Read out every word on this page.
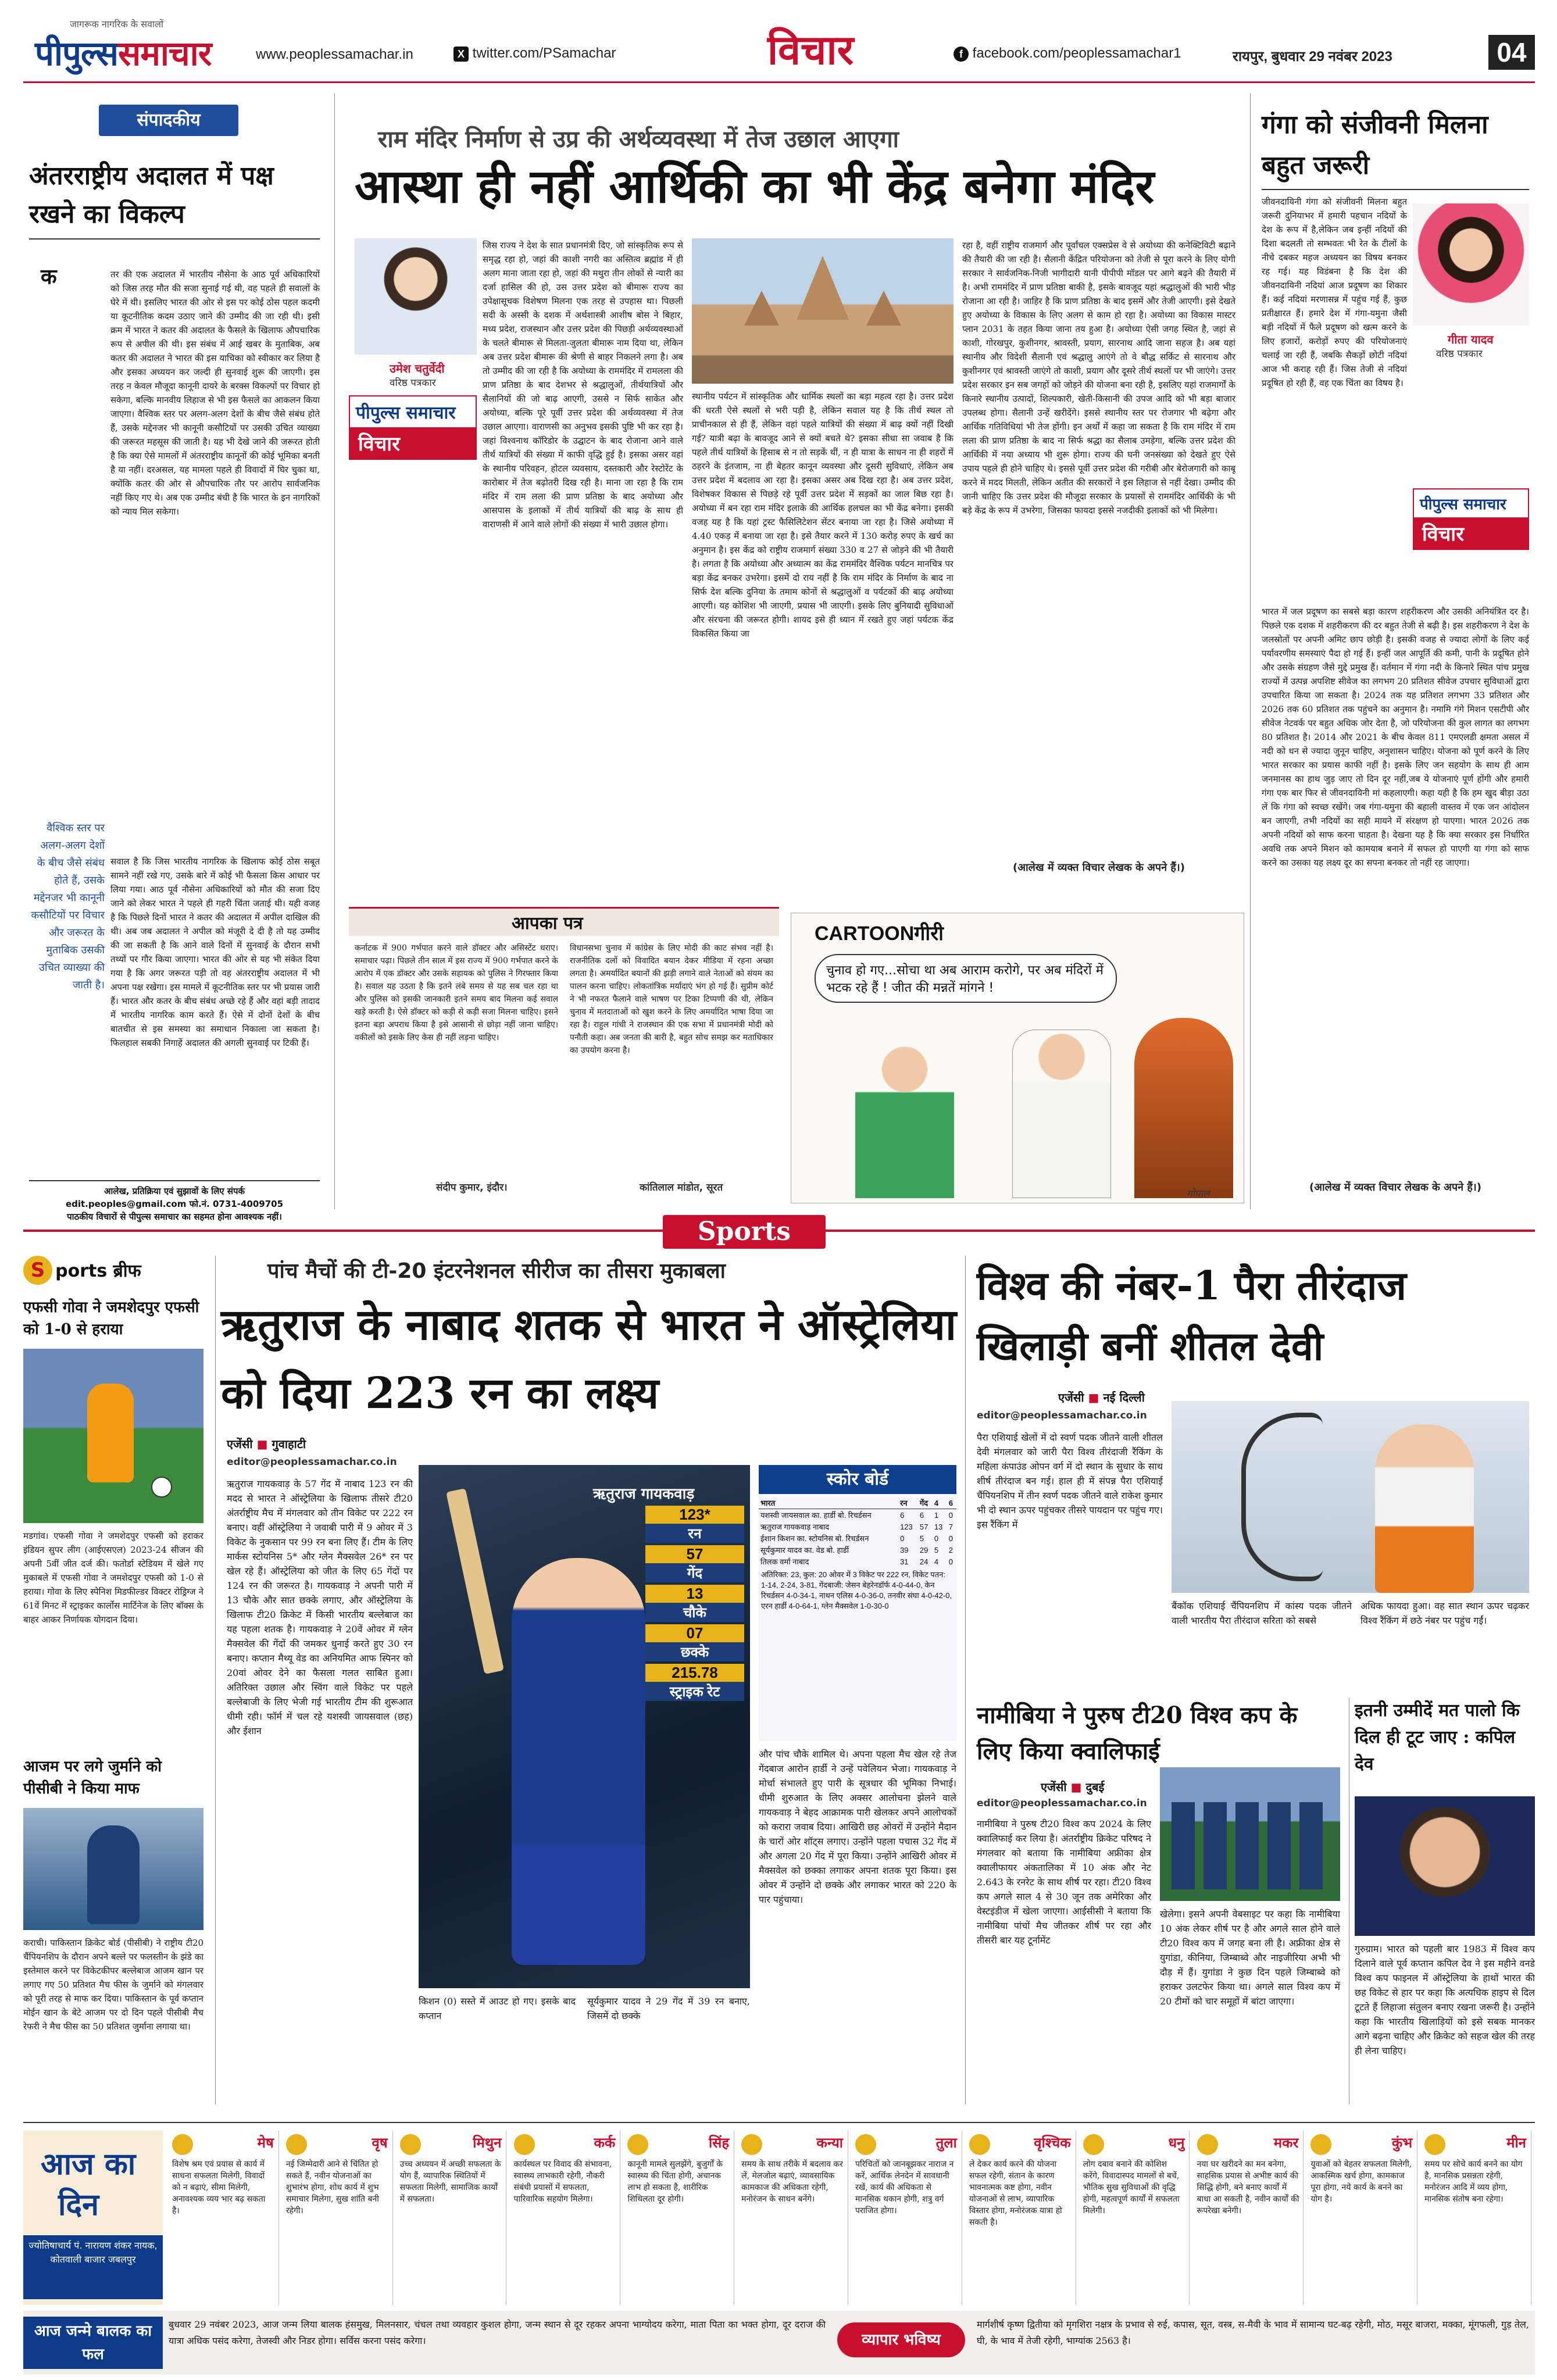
पीपुल्ससमाचार
जागरूक नागरिक के सवालों
www.peoplessamachar.in	X twitter.com/PSamachar	विचार	f facebook.com/peoplessamachar1	रायपुर, बुधवार 29 नवंबर 2023	04
संपादकीय
अंतरराष्ट्रीय अदालत में पक्ष रखने का विकल्प
क	तर की एक अदालत में भारतीय नौसेना के आठ पूर्व अधिकारियों को जिस तरह मौत की सजा सुनाई गई थी, वह पहले ही सवालों के घेरे में थी। इसलिए भारत की ओर से इस पर कोई ठोस पहल कदमी या कूटनीतिक कदम उठाए जाने की उम्मीद की जा रही थी। इसी क्रम में भारत ने कतर की अदालत के फैसले के खिलाफ औपचारिक रूप से अपील की थी। इस संबंध में आई खबर के मुताबिक, अब कतर की अदालत ने भारत की इस याचिका को स्वीकार कर लिया है और इसका अध्ययन कर जल्दी ही सुनवाई शुरू की जाएगी। इस तरह न केवल मौजूदा कानूनी दायरे के बरक्स विकल्पों पर विचार हो सकेगा, बल्कि मानवीय लिहाज से भी इस फैसले का आकलन किया जाएगा। वैश्विक स्तर पर अलग-अलग देशों के बीच जैसे संबंध होते हैं, उसके मद्देनजर भी कानूनी कसौटियों पर उसकी उचित व्याख्या की जरूरत महसूस की जाती है। यह भी देखे जाने की जरूरत होती है कि क्या ऐसे मामलों में अंतरराष्ट्रीय कानूनों की कोई भूमिका बनती है या नहीं। दरअसल, यह मामला पहले ही विवादों में घिर चुका था, क्योंकि कतर की ओर से औपचारिक तौर पर आरोप सार्वजनिक नहीं किए गए थे। अब एक उम्मीद बंधी है कि भारत के इन नागरिकों को न्याय मिल सकेगा।
वैश्विक स्तर पर अलग-अलग देशों के बीच जैसे संबंध होते हैं, उसके मद्देनजर भी कानूनी कसौटियों पर विचार और जरूरत के मुताबिक उसकी उचित व्याख्या की जाती है।
सवाल है कि जिस भारतीय नागरिक के खिलाफ कोई ठोस सबूत सामने नहीं रखे गए, उसके बारे में कोई भी फैसला किस आधार पर लिया गया। आठ पूर्व नौसेना अधिकारियों को मौत की सजा दिए जाने को लेकर भारत ने पहले ही गहरी चिंता जताई थी। यही वजह है कि पिछले दिनों भारत ने कतर की अदालत में अपील दाखिल की थी। अब जब अदालत ने अपील को मंजूरी दे दी है तो यह उम्मीद की जा सकती है कि आने वाले दिनों में सुनवाई के दौरान सभी तथ्यों पर गौर किया जाएगा। भारत की ओर से यह भी संकेत दिया गया है कि अगर जरूरत पड़ी तो वह अंतरराष्ट्रीय अदालत में भी अपना पक्ष रखेगा। इस मामले में कूटनीतिक स्तर पर भी प्रयास जारी हैं। भारत और कतर के बीच संबंध अच्छे रहे हैं और वहां बड़ी तादाद में भारतीय नागरिक काम करते हैं। ऐसे में दोनों देशों के बीच बातचीत से इस समस्या का समाधान निकाला जा सकता है। फिलहाल सबकी निगाहें अदालत की अगली सुनवाई पर टिकी हैं।
आलेख, प्रतिक्रिया एवं सुझावों के लिए संपर्क
edit.peoples@gmail.com फो.नं. 0731-4009705
पाठकीय विचारों से पीपुल्स समाचार का सहमत होना आवश्यक नहीं।
राम मंदिर निर्माण से उप्र की अर्थव्यवस्था में तेज उछाल आएगा
आस्था ही नहीं आर्थिकी का भी केंद्र बनेगा मंदिर
उमेश चतुर्वेदी
वरिष्ठ पत्रकार
पीपुल्स समाचार
विचार
जिस राज्य ने देश के सात प्रधानमंत्री दिए, जो सांस्कृतिक रूप से समृद्ध रहा हो, जहां की काशी नगरी का अस्तित्व ब्रह्मांड में ही अलग माना जाता रहा हो, जहां की मथुरा तीन लोकों से न्यारी का दर्जा हासिल की हो, उस उत्तर प्रदेश को बीमारू राज्य का उपेक्षासूचक विशेषण मिलना एक तरह से उपहास था। पिछली सदी के अस्सी के दशक में अर्थशास्त्री आशीष बोस ने बिहार, मध्य प्रदेश, राजस्थान और उत्तर प्रदेश की पिछड़ी अर्थव्यवस्थाओं के चलते बीमारू से मिलता-जुलता बीमारू नाम दिया था, लेकिन अब उत्तर प्रदेश बीमारू की श्रेणी से बाहर निकलने लगा है। अब तो उम्मीद की जा रही है कि अयोध्या के राममंदिर में रामलला की प्राण प्रतिष्ठा के बाद देशभर से श्रद्धालुओं, तीर्थयात्रियों और सैलानियों की जो बाढ़ आएगी, उससे न सिर्फ साकेत और अयोध्या, बल्कि पूरे पूर्वी उत्तर प्रदेश की अर्थव्यवस्था में तेज उछाल आएगा। वाराणसी का अनुभव इसकी पुष्टि भी कर रहा है। जहां विश्वनाथ कॉरिडोर के उद्घाटन के बाद रोजाना आने वाले तीर्थ यात्रियों की संख्या में काफी वृद्धि हुई है। इसका असर वहां के स्थानीय परिवहन, होटल व्यवसाय, दस्तकारी और रेस्टोरेंट के कारोबार में तेज बढ़ोतरी दिख रही है। माना जा रहा है कि राम मंदिर में राम लला की प्राण प्रतिष्ठा के बाद अयोध्या और आसपास के इलाकों में तीर्थ यात्रियों की बाढ़ के साथ ही वाराणसी में आने वाले लोगों की संख्या में भारी उछाल होगा।
स्थानीय पर्यटन में सांस्कृतिक और धार्मिक स्थलों का बड़ा महत्व रहा है। उत्तर प्रदेश की धरती ऐसे स्थलों से भरी पड़ी है, लेकिन सवाल यह है कि तीर्थ स्थल तो प्राचीनकाल से ही हैं, लेकिन वहां पहले यात्रियों की संख्या में बाढ़ क्यों नहीं दिखी गई? यात्री बढ़ा के बावजूद आने से क्यों बचते थे? इसका सीधा सा जवाब है कि पहले तीर्थ यात्रियों के हिसाब से न तो सड़कें थीं, न ही यात्रा के साधन ना ही शहरों में ठहरने के इंतजाम, ना ही बेहतर कानून व्यवस्था और दूसरी सुविधाएं, लेकिन अब उत्तर प्रदेश में बदलाव आ रहा है। इसका असर अब दिख रहा है। अब उत्तर प्रदेश, विशेषकर विकास से पिछड़े रहे पूर्वी उत्तर प्रदेश में सड़कों का जाल बिछ रहा है। अयोध्या में बन रहा राम मंदिर इलाके की आर्थिक हलचल का भी केंद्र बनेगा। इसकी वजह यह है कि यहां ट्रस्ट फैसिलिटेशन सेंटर बनाया जा रहा है। जिसे अयोध्या में 4.40 एकड़ में बनाया जा रहा है। इसे तैयार करने में 130 करोड़ रुपए के खर्च का अनुमान है। इस केंद्र को राष्ट्रीय राजमार्ग संख्या 330 व 27 से जोड़ने की भी तैयारी है। लगता है कि अयोध्या और अध्यात्म का केंद्र राममंदिर वैश्विक पर्यटन मानचित्र पर बड़ा केंद्र बनकर उभरेगा। इसमें दो राय नहीं है कि राम मंदिर के निर्माण के बाद ना सिर्फ देश बल्कि दुनिया के तमाम कोनों से श्रद्धालुओं व पर्यटकों की बाढ़ अयोध्या आएगी। यह कोशिश भी जाएगी, प्रयास भी जाएगी। इसके लिए बुनियादी सुविधाओं और संरचना की जरूरत होगी। शायद इसे ही ध्यान में रखते हुए जहां पर्यटक केंद्र विकसित किया जा
रहा है, वहीं राष्ट्रीय राजमार्ग और पूर्वांचल एक्सप्रेस वे से अयोध्या की कनेक्टिविटी बढ़ाने की तैयारी की जा रही है। सैलानी केंद्रित परियोजना को तेजी से पूरा करने के लिए योगी सरकार ने सार्वजनिक-निजी भागीदारी यानी पीपीपी मॉडल पर आगे बढ़ने की तैयारी में है। अभी राममंदिर में प्राण प्रतिष्ठा बाकी है, इसके बावजूद यहां श्रद्धालुओं की भारी भीड़ रोजाना आ रही है। जाहिर है कि प्राण प्रतिष्ठा के बाद इसमें और तेजी आएगी। इसे देखते हुए अयोध्या के विकास के लिए अलग से काम हो रहा है। अयोध्या का विकास मास्टर प्लान 2031 के तहत किया जाना तय हुआ है। अयोध्या ऐसी जगह स्थित है, जहां से काशी, गोरखपुर, कुशीनगर, श्रावस्ती, प्रयाग, सारनाथ आदि जाना सहज है। अब यहां स्थानीय और विदेशी सैलानी एवं श्रद्धालु आएंगे तो वे बौद्ध सर्किट से सारनाथ और कुशीनगर एवं श्रावस्ती जाएंगे तो काशी, प्रयाग और दूसरे तीर्थ स्थलों पर भी जाएंगे। उत्तर प्रदेश सरकार इन सब जगहों को जोड़ने की योजना बना रही है, इसलिए यहां राजमार्गों के किनारे स्थानीय उत्पादों, शिल्पकारी, खेती-किसानी की उपज आदि को भी बड़ा बाजार उपलब्ध होगा। सैलानी उन्हें खरीदेंगे। इससे स्थानीय स्तर पर रोजगार भी बढ़ेगा और आर्थिक गतिविधियां भी तेज होंगी। इन अर्थों में कहा जा सकता है कि राम मंदिर में राम लला की प्राण प्रतिष्ठा के बाद ना सिर्फ श्रद्धा का सैलाब उमड़ेगा, बल्कि उत्तर प्रदेश की आर्थिकी में नया अध्याय भी शुरू होगा। राज्य की घनी जनसंख्या को देखते हुए ऐसे उपाय पहले ही होने चाहिए थे। इससे पूर्वी उत्तर प्रदेश की गरीबी और बेरोजगारी को काबू करने में मदद मिलती, लेकिन अतीत की सरकारों ने इस लिहाज से नहीं देखा। उम्मीद की जानी चाहिए कि उत्तर प्रदेश की मौजूदा सरकार के प्रयासों से राममंदिर आर्थिकी के भी बड़े केंद्र के रूप में उभरेगा, जिसका फायदा इससे नजदीकी इलाकों को भी मिलेगा।
(आलेख में व्यक्त विचार लेखक के अपने हैं।)
गंगा को संजीवनी मिलना बहुत जरूरी
जीवनदायिनी गंगा को संजीवनी मिलना बहुत जरूरी दुनियाभर में हमारी पहचान नदियों के देश के रूप में है,लेकिन जब इन्हीं नदियों की दिशा बदलती तो सम्भवतः भी रेत के टीलों के नीचे दबकर महज अध्ययन का विषय बनकर रह गई। यह विडंबना है कि देश की जीवनदायिनी नदियां आज प्रदूषण का शिकार हैं। कई नदियां मरणासन्न में पहुंच गई हैं, कुछ प्रतीक्षारत हैं। हमारे देश में गंगा-यमुना जैसी बड़ी नदियों में फैले प्रदूषण को खत्म करने के लिए हजारों, करोड़ों रुपए की परियोजनाएं चलाई जा रही हैं, जबकि सैकड़ों छोटी नदियां आज भी कराह रही हैं। जिस तेजी से नदियां प्रदूषित हो रही हैं, वह एक चिंता का विषय है।
गीता यादव
वरिष्ठ पत्रकार
पीपुल्स समाचार
विचार
भारत में जल प्रदूषण का सबसे बड़ा कारण शहरीकरण और उसकी अनियंत्रित दर है। पिछले एक दशक में शहरीकरण की दर बहुत तेजी से बढ़ी है। इस शहरीकरण ने देश के जलस्रोतों पर अपनी अमिट छाप छोड़ी है। इसकी वजह से ज्यादा लोगों के लिए कई पर्यावरणीय समस्याएं पैदा हो गई हैं। इन्हीं जल आपूर्ति की कमी, पानी के प्रदूषित होने और उसके संग्रहण जैसे मुद्दे प्रमुख हैं। वर्तमान में गंगा नदी के किनारे स्थित पांच प्रमुख राज्यों में उत्पन्न अपशिष्ट सीवेज का लगभग 20 प्रतिशत सीवेज उपचार सुविधाओं द्वारा उपचारित किया जा सकता है। 2024 तक यह प्रतिशत लगभग 33 प्रतिशत और 2026 तक 60 प्रतिशत तक पहुंचने का अनुमान है। नमामि गंगे मिशन एसटीपी और सीवेज नेटवर्क पर बहुत अधिक जोर देता है, जो परियोजना की कुल लागत का लगभग 80 प्रतिशत है। 2014 और 2021 के बीच केवल 811 एमएलडी क्षमता असल में नदी को धन से ज्यादा जुनून चाहिए, अनुशासन चाहिए। योजना को पूर्ण करने के लिए भारत सरकार का प्रयास काफी नहीं है। इसके लिए जन सहयोग के साथ ही आम जनमानस का हाथ जुड़ जाए तो दिन दूर नहीं,जब ये योजनाएं पूर्ण होंगी और हमारी गंगा एक बार फिर से जीवनदायिनी मां कहलाएगी। कहा यही है कि हम खुद बीड़ा उठा लें कि गंगा को स्वच्छ रखेंगे। जब गंगा-यमुना की बहाली वास्तव में एक जन आंदोलन बन जाएगी, तभी नदियों का सही मायने में संरक्षण हो पाएगा। भारत 2026 तक अपनी नदियों को साफ करना चाहता है। देखना यह है कि क्या सरकार इस निर्धारित अवधि तक अपने मिशन को कामयाब बनाने में सफल हो पाएगी या गंगा को साफ करने का उसका यह लक्ष्य दूर का सपना बनकर तो नहीं रह जाएगा।
(आलेख में व्यक्त विचार लेखक के अपने हैं।)
आपका पत्र
कर्नाटक में 900 गर्भपात करने वाले डॉक्टर और असिस्टेंट धराए। समाचार पढ़ा। पिछले तीन साल में इस राज्य में 900 गर्भपात करने के आरोप में एक डॉक्टर और उसके सहायक को पुलिस ने गिरफ्तार किया है। सवाल यह उठता है कि इतने लंबे समय से यह सब चल रहा था और पुलिस को इसकी जानकारी इतने समय बाद मिलना कई सवाल खड़े करती है। ऐसे डॉक्टर को कड़ी से कड़ी सजा मिलना चाहिए। इसने इतना बड़ा अपराध किया है इसे आसानी से छोड़ा नहीं जाना चाहिए। वकीलों को इसके लिए केस ही नहीं लड़ना चाहिए।
संदीप कुमार, इंदौर।
विधानसभा चुनाव में कांग्रेस के लिए मोदी की काट संभव नहीं है। राजनीतिक दलों को विवादित बयान देकर मीडिया में रहना अच्छा लगता है। अमर्यादित बयानों की झड़ी लगाने वाले नेताओं को संयम का पालन करना चाहिए। लोकतांत्रिक मर्यादाएं भंग हो गई हैं। सुप्रीम कोर्ट ने भी नफरत फैलाने वाले भाषण पर टिका टिप्पणी की थी, लेकिन चुनाव में मतदाताओं को खुश करने के लिए अमर्यादित भाषा दिया जा रहा है। राहुल गांधी ने राजस्थान की एक सभा में प्रधानमंत्री मोदी को पनौती कहा। अब जनता की बारी है, बहुत सोच समझ कर मताधिकार का उपयोग करना है।
कांतिलाल मांडोत, सूरत
CARTOONगीरी
चुनाव हो गए...सोचा था अब आराम करोगे, पर अब मंदिरों में भटक रहे हैं ! जीत की मन्नतें मांगने !
गोपाल
Sports
S ports ब्रीफ
एफसी गोवा ने जमशेदपुर एफसी को 1-0 से हराया
मडगांव। एफसी गोवा ने जमशेदपुर एफसी को हराकर इंडियन सुपर लीग (आईएसएल) 2023-24 सीजन की अपनी 5वीं जीत दर्ज की। फतोर्डा स्टेडियम में खेले गए मुकाबले में एफसी गोवा ने जमशेदपुर एफसी को 1-0 से हराया। गोवा के लिए स्पेनिश मिडफील्डर विक्टर रोड्रिग्ज ने 61वें मिनट में स्ट्राइकर कार्लोस मार्टिनेज के लिए बॉक्स के बाहर आकर निर्णायक योगदान दिया।
आजम पर लगे जुर्माने को पीसीबी ने किया माफ
कराची। पाकिस्तान क्रिकेट बोर्ड (पीसीबी) ने राष्ट्रीय टी20 चैंपियनशिप के दौरान अपने बल्ले पर फलस्तीन के झंडे का इस्तेमाल करने पर विकेटकीपर बल्लेबाज आजम खान पर लगाए गए 50 प्रतिशत मैच फीस के जुर्माने को मंगलवार को पूरी तरह से माफ कर दिया। पाकिस्तान के पूर्व कप्तान मोईन खान के बेटे आजम पर दो दिन पहले पीसीबी मैच रेफरी ने मैच फीस का 50 प्रतिशत जुर्माना लगाया था।
पांच मैचों की टी-20 इंटरनेशनल सीरीज का तीसरा मुकाबला
ऋतुराज के नाबाद शतक से भारत ने ऑस्ट्रेलिया को दिया 223 रन का लक्ष्य
एजेंसी ■ गुवाहाटी
editor@peoplessamachar.co.in
ऋतुराज गायकवाड़ के 57 गेंद में नाबाद 123 रन की मदद से भारत ने ऑस्ट्रेलिया के खिलाफ तीसरे टी20 अंतर्राष्ट्रीय मैच में मंगलवार को तीन विकेट पर 222 रन बनाए। वहीं ऑस्ट्रेलिया ने जवाबी पारी में 9 ओवर में 3 विकेट के नुकसान पर 99 रन बना लिए हैं। टीम के लिए मार्कस स्टोयनिस 5* और ग्लेन मैक्सवेल 26* रन पर खेल रहे हैं। ऑस्ट्रेलिया को जीत के लिए 65 गेंदों पर 124 रन की जरूरत है। गायकवाड़ ने अपनी पारी में 13 चौके और सात छक्के लगाए, और ऑस्ट्रेलिया के खिलाफ टी20 क्रिकेट में किसी भारतीय बल्लेबाज का यह पहला शतक है। गायकवाड़ ने 20वें ओवर में ग्लेन मैक्सवेल की गेंदों की जमकर धुनाई करते हुए 30 रन बनाए। कप्तान मैथ्यू वेड का अनियमित आफ स्पिनर को 20वां ओवर देने का फैसला गलत साबित हुआ। अतिरिक्त उछाल और स्विंग वाले विकेट पर पहले बल्लेबाजी के लिए भेजी गई भारतीय टीम की शुरूआत धीमी रही। फॉर्म में चल रहे यशस्वी जायसवाल (छह) और ईशान
ऋतुराज गायकवाड़
123*
रन
57
गेंद
13
चौके
07
छक्के
215.78
स्ट्राइक रेट
किशन (0) सस्ते में आउट हो गए। इसके बाद कप्तान
सूर्यकुमार यादव ने 29 गेंद में 39 रन बनाए, जिसमें दो छक्के
स्कोर बोर्ड
भारत	रन	गेंद	4	6
यशस्वी जायसवाल का. हार्डी बो. रिचर्डसन	6	6	1	0
ऋतुराज गायकवाड़ नाबाद	123	57	13	7
ईशान किशन का. स्टोयनिस बो. रिचर्डसन	0	5	0	0
सूर्यकुमार यादव का. वेड बो. हार्डी	39	29	5	2
तिलक वर्मा नाबाद	31	24	4	0
अतिरिक्त: 23, कुल: 20 ओवर में 3 विकेट पर 222 रन, विकेट पतन: 1-14, 2-24, 3-81, गेंदबाजी: जेसन बेहरेनडॉर्फ 4-0-44-0, केन रिचर्डसन 4-0-34-1, नाथन एलिस 4-0-36-0, तनवीर संघा 4-0-42-0, एरन हार्डी 4-0-64-1, ग्लेन मैक्सवेल 1-0-30-0
और पांच चौके शामिल थे। अपना पहला मैच खेल रहे तेज गेंदबाज आरोन हार्डी ने उन्हें पवेलियन भेजा। गायकवाड़ ने मोर्चा संभालते हुए पारी के सूत्रधार की भूमिका निभाई। धीमी शुरुआत के लिए अक्सर आलोचना झेलने वाले गायकवाड़ ने बेहद आक्रामक पारी खेलकर अपने आलोचकों को करारा जवाब दिया। आखिरी छह ओवरों में उन्होंने मैदान के चारों ओर शॉट्स लगाए। उन्होंने पहला पचास 32 गेंद में और अगला 20 गेंद में पूरा किया। उन्होंने आखिरी ओवर में मैक्सवेल को छक्का लगाकर अपना शतक पूरा किया। इस ओवर में उन्होंने दो छक्के और लगाकर भारत को 220 के पार पहुंचाया।
विश्व की नंबर-1 पैरा तीरंदाज खिलाड़ी बनीं शीतल देवी
एजेंसी ■ नई दिल्ली
editor@peoplessamachar.co.in
पैरा एशियाई खेलों में दो स्वर्ण पदक जीतने वाली शीतल देवी मंगलवार को जारी पैरा विश्व तीरंदाजी रैंकिंग के महिला कंपाउंड ओपन वर्ग में दो स्थान के सुधार के साथ शीर्ष तीरंदाज बन गई। हाल ही में संपन्न पैरा एशियाई चैंपियनशिप में तीन स्वर्ण पदक जीतने वाले राकेश कुमार भी दो स्थान ऊपर पहुंचकर तीसरे पायदान पर पहुंच गए। इस रैंकिंग में
बैंकॉक एशियाई चैंपियनशिप में कांस्य पदक जीतने वाली भारतीय पैरा तीरंदाज सरिता को सबसे
अधिक फायदा हुआ। वह सात स्थान ऊपर चढ़कर विश्व रैंकिंग में छठे नंबर पर पहुंच गईं।
नामीबिया ने पुरुष टी20 विश्व कप के लिए किया क्वालिफाई
एजेंसी ■ दुबई
editor@peoplessamachar.co.in
नामीबिया ने पुरुष टी20 विश्व कप 2024 के लिए क्वालिफाई कर लिया है। अंतर्राष्ट्रीय क्रिकेट परिषद ने मंगलवार को बताया कि नामीबिया अफ्रीका क्षेत्र क्वालीफायर अंकतालिका में 10 अंक और नेट 2.643 के रनरेट के साथ शीर्ष पर रहा। टी20 विश्व कप अगले साल 4 से 30 जून तक अमेरिका और वेस्टइंडीज में खेला जाएगा। आईसीसी ने बताया कि नामीबिया पांचों मैच जीतकर शीर्ष पर रहा और तीसरी बार यह टूर्नामेंट
खेलेगा। इसने अपनी वेबसाइट पर कहा कि नामीबिया 10 अंक लेकर शीर्ष पर है और अगले साल होने वाले टी20 विश्व कप में जगह बना ली है। अफ्रीका क्षेत्र से युगांडा, कीनिया, जिम्बाब्वे और नाइजीरिया अभी भी दौड़ में हैं। युगांडा ने कुछ दिन पहले जिम्बाब्वे को हराकर उलटफेर किया था। अगले साल विश्व कप में 20 टीमों को चार समूहों में बांटा जाएगा।
इतनी उम्मीदें मत पालो कि दिल ही टूट जाए : कपिल देव
गुरुग्राम। भारत को पहली बार 1983 में विश्व कप दिलाने वाले पूर्व कप्तान कपिल देव ने इस महीने वनडे विश्व कप फाइनल में ऑस्ट्रेलिया के हाथों भारत की छह विकेट से हार पर कहा कि अत्यधिक हाइप से दिल टूटते हैं लिहाजा संतुलन बनाए रखना जरूरी है। उन्होंने कहा कि भारतीय खिलाड़ियों को इसे सबक मानकर आगे बढ़ना चाहिए और क्रिकेट को सहज खेल की तरह ही लेना चाहिए।
आज का
दिन
ज्योतिषाचार्य पं. नारायण शंकर नायक, कोतवाली बाजार जबलपुर
मेष
विशेष श्रम एवं प्रयास से कार्य में साधना सफलता मिलेगी, विवादों को न बढ़ाएं, सीमा मिलेगी, अनावश्यक व्यय भार बढ़ सकता है।
वृष
नई जिम्मेदारी आने से चिंतित हो सकते हैं, नवीन योजनाओं का शुभारंभ होगा, शोध कार्य में शुभ समाचार मिलेगा, सुख शांति बनी रहेगी।
मिथुन
उच्च अध्ययन में अच्छी सफलता के योग हैं, व्यापारिक स्थितियों में सफलता मिलेगी, सामाजिक कार्यों में सफलता।
कर्क
कार्यस्थल पर विवाद की संभावना, स्वास्थ्य लाभकारी रहेगी, नौकरी संबंधी प्रयासों में सफलता, पारिवारिक सहयोग मिलेगा।
सिंह
कानूनी मामले सुलझेंगे, बुजुर्गों के स्वास्थ्य की चिंता होगी, अचानक लाभ हो सकता है, शारीरिक शिथिलता दूर होगी।
कन्या
समय के साथ तरीके में बदलाव कर लें, मेलजोल बढ़ाएं, व्यावसायिक कामकाज की अधिकता रहेगी, मनोरंजन के साधन बनेंगे।
तुला
परिचितों को जानबूझकर नाराज न करें, आर्थिक लेनदेन में सावधानी रखें, कार्य की अधिकता से मानसिक थकान होगी, शत्रु वर्ग पराजित होगा।
वृश्चिक
ले देकर कार्य करने की योजना सफल रहेगी, संतान के कारण भावनात्मक कष्ट होगा, नवीन योजनाओं से लाभ, व्यापारिक विस्तार होगा, मनोरंजक यात्रा हो सकती है।
धनु
लोग दबाव बनाने की कोशिश करेंगे, विवादास्पद मामलों से बचें, भौतिक सुख सुविधाओं की वृद्धि होगी, महत्वपूर्ण कार्यों में सफलता मिलेगी।
मकर
नया घर खरीदने का मन बनेगा, साहसिक प्रयास से अभीष्ट कार्य की सिद्धि होगी, बने बनाए कार्यों में बाधा आ सकती है, नवीन कार्यों की रूपरेखा बनेगी।
कुंभ
युवाओं को बेहतर सफलता मिलेगी, आकस्मिक खर्च होगा, कामकाज पूरा होगा, नये कार्य के बनने का योग है।
मीन
समय पर सोचे कार्य बनने का योग है, मानसिक प्रसन्नता रहेगी, मनोरंजन आदि में व्यय होगा, मानसिक संतोष बना रहेगा।
आज जन्मे बालक का फल
बुधवार 29 नवंबर 2023, आज जन्म लिया बालक हंसमुख, मिलनसार, चंचल तथा व्यवहार कुशल होगा, जन्म स्थान से दूर रहकर अपना भाग्योदय करेगा, माता पिता का भक्त होगा, दूर दराज की यात्रा अधिक पसंद करेगा, तेजस्वी और निडर होगा। सर्विस करना पसंद करेगा।	व्यापार भविष्य
मार्गशीर्ष कृष्ण द्वितीया को मृगशिरा नक्षत्र के प्रभाव से रुई, कपास, सूत, वस्त्र, स-मैवी के भाव में सामान्य घट-बढ़ रहेगी, मोठ, मसूर बाजरा, मक्का, मूंगफली, गुड़ तेल, घी, के भाव में तेजी रहेगी, भाग्यांक 2563 है।
